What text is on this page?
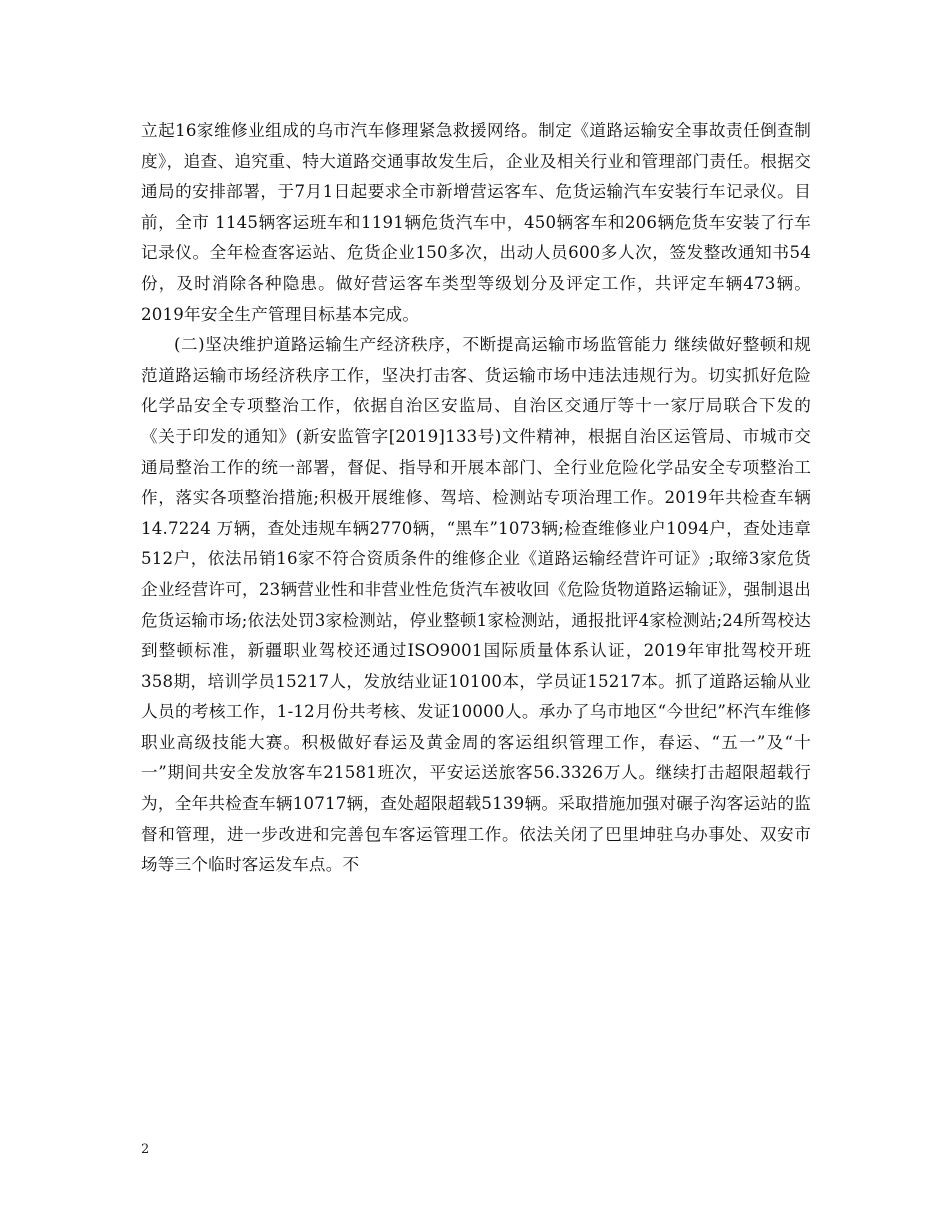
立起16家维修业组成的乌市汽车修理紧急救援网络。制定《道路运输安全事故责任倒查制度》，追查、追究重、特大道路交通事故发生后，企业及相关行业和管理部门责任。根据交通局的安排部署，于7月1日起要求全市新增营运客车、危货运输汽车安装行车记录仪。目前，全市 1145辆客运班车和1191辆危货汽车中，450辆客车和206辆危货车安装了行车记录仪。全年检查客运站、危货企业150多次，出动人员600多人次，签发整改通知书54份，及时消除各种隐患。做好营运客车类型等级划分及评定工作，共评定车辆473辆。2019年安全生产管理目标基本完成。

(二)坚决维护道路运输生产经济秩序，不断提高运输市场监管能力 继续做好整顿和规范道路运输市场经济秩序工作，坚决打击客、货运输市场中违法违规行为。切实抓好危险化学品安全专项整治工作，依据自治区安监局、自治区交通厅等十一家厅局联合下发的《关于印发的通知》(新安监管字[2019]133号)文件精神，根据自治区运管局、市城市交通局整治工作的统一部署，督促、指导和开展本部门、全行业危险化学品安全专项整治工作，落实各项整治措施;积极开展维修、驾培、检测站专项治理工作。2019年共检查车辆14.7224 万辆，查处违规车辆2770辆，“黑车”1073辆;检查维修业户1094户，查处违章512户，依法吊销16家不符合资质条件的维修企业《道路运输经营许可证》;取缔3家危货企业经营许可，23辆营业性和非营业性危货汽车被收回《危险货物道路运输证》，强制退出危货运输市场;依法处罚3家检测站，停业整顿1家检测站，通报批评4家检测站;24所驾校达到整顿标准，新疆职业驾校还通过ISO9001国际质量体系认证，2019年审批驾校开班358期，培训学员15217人，发放结业证10100本，学员证15217本。抓了道路运输从业人员的考核工作，1-12月份共考核、发证10000人。承办了乌市地区“今世纪”杯汽车维修职业高级技能大赛。积极做好春运及黄金周的客运组织管理工作，春运、“五一”及“十一”期间共安全发放客车21581班次，平安运送旅客56.3326万人。继续打击超限超载行为，全年共检查车辆10717辆，查处超限超载5139辆。采取措施加强对碾子沟客运站的监督和管理，进一步改进和完善包车客运管理工作。依法关闭了巴里坤驻乌办事处、双安市场等三个临时客运发车点。不

2
